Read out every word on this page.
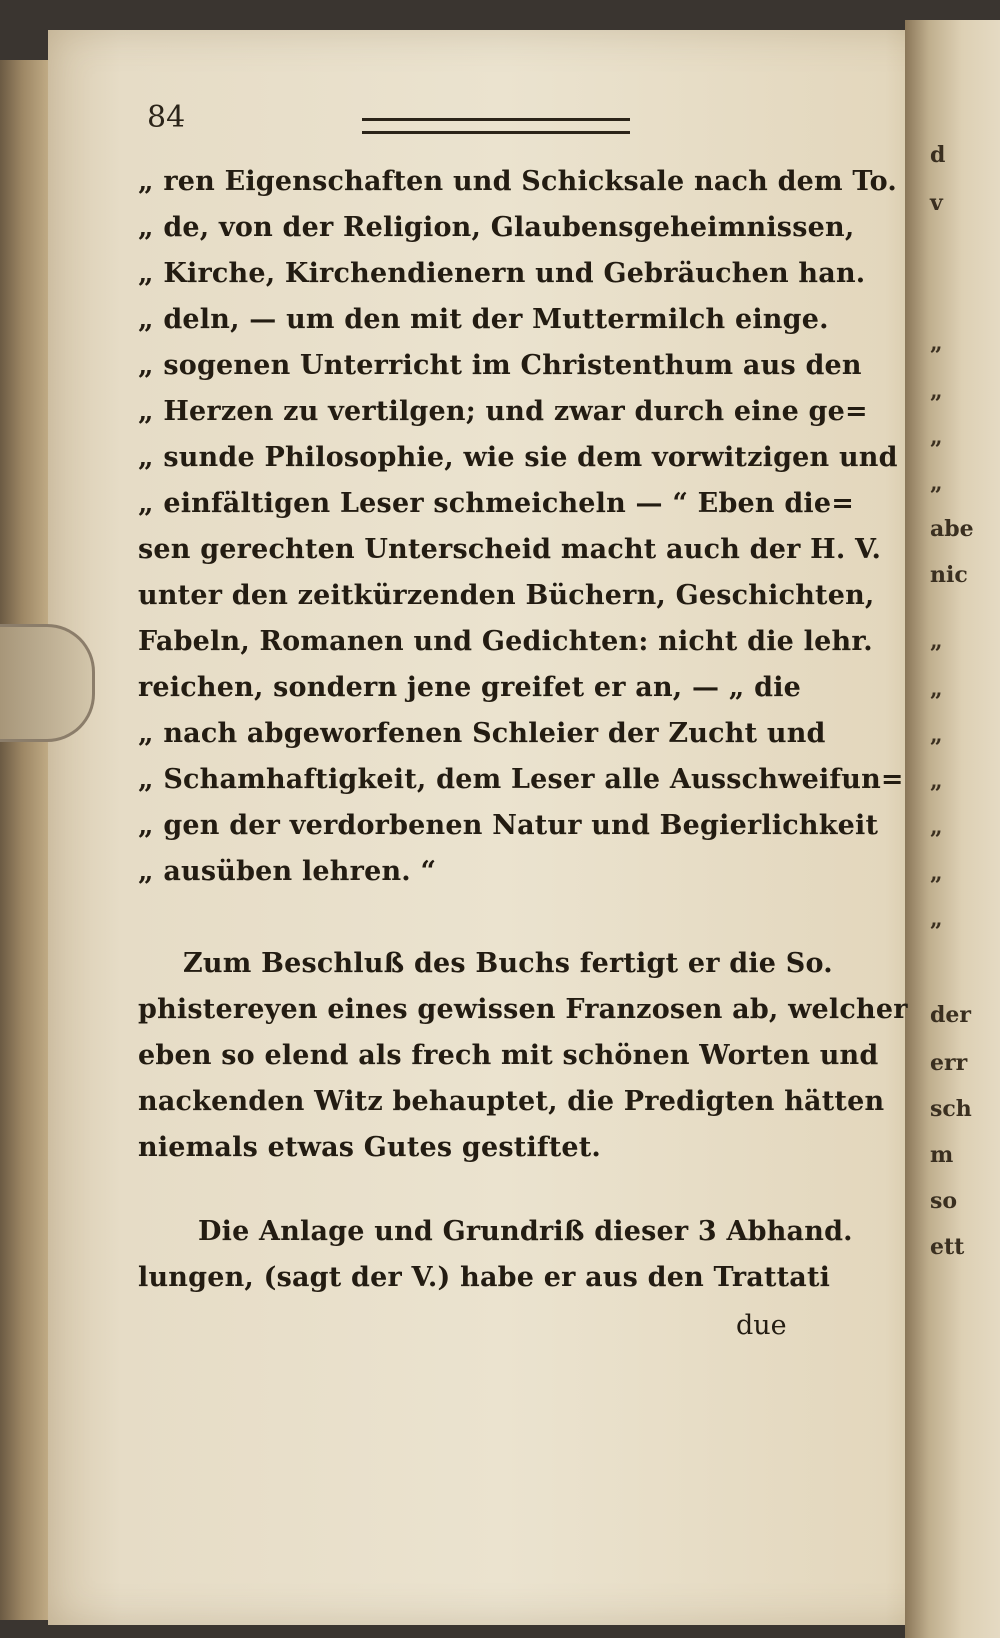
84
„ ren Eigenschaften und Schicksale nach dem To.
„ de, von der Religion, Glaubensgeheimnissen,
„ Kirche, Kirchendienern und Gebräuchen han.
„ deln, — um den mit der Muttermilch einge.
„ sogenen Unterricht im Christenthum aus den
„ Herzen zu vertilgen; und zwar durch eine ge=
„ sunde Philosophie, wie sie dem vorwitzigen und
„ einfältigen Leser schmeicheln — “ Eben die=
sen gerechten Unterscheid macht auch der H. V.
unter den zeitkürzenden Büchern, Geschichten,
Fabeln, Romanen und Gedichten: nicht die lehr.
reichen, sondern jene greifet er an, — „ die
„ nach abgeworfenen Schleier der Zucht und
„ Schamhaftigkeit, dem Leser alle Ausschweifun=
„ gen der verdorbenen Natur und Begierlichkeit
„ ausüben lehren. “
Zum Beschluß des Buchs fertigt er die So.
phistereyen eines gewissen Franzosen ab, welcher
eben so elend als frech mit schönen Worten und
nackenden Witz behauptet, die Predigten hätten
niemals etwas Gutes gestiftet.
Die Anlage und Grundriß dieser 3 Abhand.
lungen, (sagt der V.) habe er aus den Trattati
due
d
v
„
„
„
„
abe
nic
„
„
„
„
„
„
„
der
err
sch
m
so
ett
